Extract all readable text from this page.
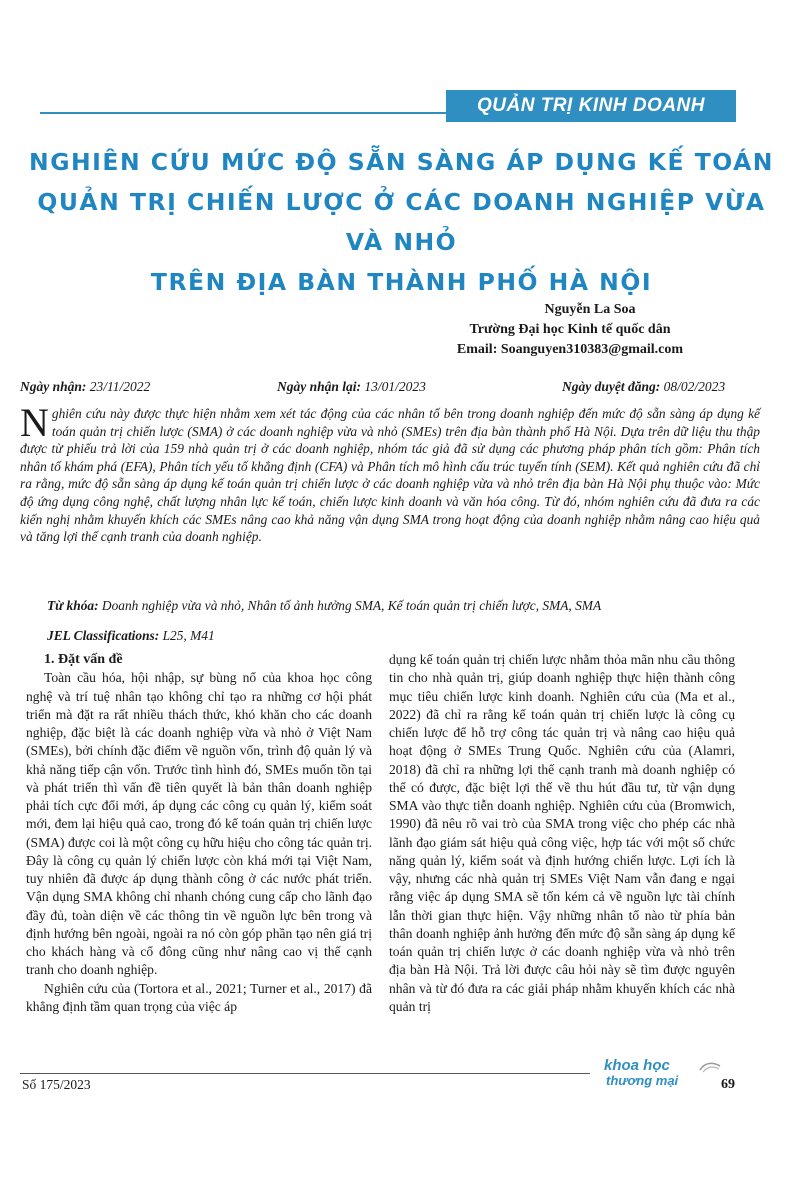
QUẢN TRỊ KINH DOANH
NGHIÊN CỨU MỨC ĐỘ SẴN SÀNG ÁP DỤNG KẾ TOÁN
QUẢN TRỊ CHIẾN LƯỢC Ở CÁC DOANH NGHIỆP VỪA VÀ NHỎ
TRÊN ĐỊA BÀN THÀNH PHỐ HÀ NỘI
Nguyễn La Soa
Trường Đại học Kinh tế quốc dân
Email: Soanguyen310383@gmail.com
Ngày nhận: 23/11/2022	Ngày nhận lại: 13/01/2023	Ngày duyệt đăng: 08/02/2023

Nghiên cứu này được thực hiện nhằm xem xét tác động của các nhân tố bên trong doanh nghiệp đến mức độ sẵn sàng áp dụng kế toán quản trị chiến lược (SMA) ở các doanh nghiệp vừa và nhỏ (SMEs) trên địa bàn thành phố Hà Nội. Dựa trên dữ liệu thu thập được từ phiếu trả lời của 159 nhà quản trị ở các doanh nghiệp, nhóm tác giả đã sử dụng các phương pháp phân tích gồm: Phân tích nhân tố khám phá (EFA), Phân tích yếu tố khẳng định (CFA) và Phân tích mô hình cấu trúc tuyến tính (SEM). Kết quả nghiên cứu đã chỉ ra rằng, mức độ sẵn sàng áp dụng kế toán quản trị chiến lược ở các doanh nghiệp vừa và nhỏ trên địa bàn Hà Nội phụ thuộc vào: Mức độ ứng dụng công nghệ, chất lượng nhân lực kế toán, chiến lược kinh doanh và văn hóa công. Từ đó, nhóm nghiên cứu đã đưa ra các kiến nghị nhằm khuyến khích các SMEs nâng cao khả năng vận dụng SMA trong hoạt động của doanh nghiệp nhằm nâng cao hiệu quả và tăng lợi thế cạnh tranh của doanh nghiệp.

Từ khóa: Doanh nghiệp vừa và nhỏ, Nhân tố ảnh hưởng SMA, Kế toán quản trị chiến lược, SMA, SMA
JEL Classifications: L25, M41
1. Đặt vấn đề

Toàn cầu hóa, hội nhập, sự bùng nổ của khoa học công nghệ và trí tuệ nhân tạo không chỉ tạo ra những cơ hội phát triển mà đặt ra rất nhiều thách thức, khó khăn cho các doanh nghiệp, đặc biệt là các doanh nghiệp vừa và nhỏ ở Việt Nam (SMEs), bởi chính đặc điểm về nguồn vốn, trình độ quản lý và khả năng tiếp cận vốn. Trước tình hình đó, SMEs muốn tồn tại và phát triển thì vấn đề tiên quyết là bản thân doanh nghiệp phải tích cực đổi mới, áp dụng các công cụ quản lý, kiểm soát mới, đem lại hiệu quả cao, trong đó kế toán quản trị chiến lược (SMA) được coi là một công cụ hữu hiệu cho công tác quản trị. Đây là công cụ quản lý chiến lược còn khá mới tại Việt Nam, tuy nhiên đã được áp dụng thành công ở các nước phát triển. Vận dụng SMA không chỉ nhanh chóng cung cấp cho lãnh đạo đầy đủ, toàn diện về các thông tin về nguồn lực bên trong và định hướng bên ngoài, ngoài ra nó còn góp phần tạo nên giá trị cho khách hàng và cổ đông cũng như nâng cao vị thế cạnh tranh cho doanh nghiệp.

Nghiên cứu của (Tortora et al., 2021; Turner et al., 2017) đã khẳng định tầm quan trọng của việc áp

dụng kế toán quản trị chiến lược nhằm thỏa mãn nhu cầu thông tin cho nhà quản trị, giúp doanh nghiệp thực hiện thành công mục tiêu chiến lược kinh doanh. Nghiên cứu của (Ma et al., 2022) đã chỉ ra rằng kế toán quản trị chiến lược là công cụ chiến lược để hỗ trợ công tác quản trị và nâng cao hiệu quả hoạt động ở SMEs Trung Quốc. Nghiên cứu của (Alamri, 2018) đã chỉ ra những lợi thế cạnh tranh mà doanh nghiệp có thể có được, đặc biệt lợi thế về thu hút đầu tư, từ vận dụng SMA vào thực tiễn doanh nghiệp. Nghiên cứu của (Bromwich, 1990) đã nêu rõ vai trò của SMA trong việc cho phép các nhà lãnh đạo giám sát hiệu quả công việc, hợp tác với một số chức năng quản lý, kiểm soát và định hướng chiến lược. Lợi ích là vậy, nhưng các nhà quản trị SMEs Việt Nam vẫn đang e ngại rằng việc áp dụng SMA sẽ tốn kém cả về nguồn lực tài chính lẫn thời gian thực hiện. Vậy những nhân tố nào từ phía bản thân doanh nghiệp ảnh hưởng đến mức độ sẵn sàng áp dụng kế toán quản trị chiến lược ở các doanh nghiệp vừa và nhỏ trên địa bàn Hà Nội. Trả lời được câu hỏi này sẽ tìm được nguyên nhân và từ đó đưa ra các giải pháp nhằm khuyến khích các nhà quản trị

Số 175/2023
khoa học
thương mại	69
